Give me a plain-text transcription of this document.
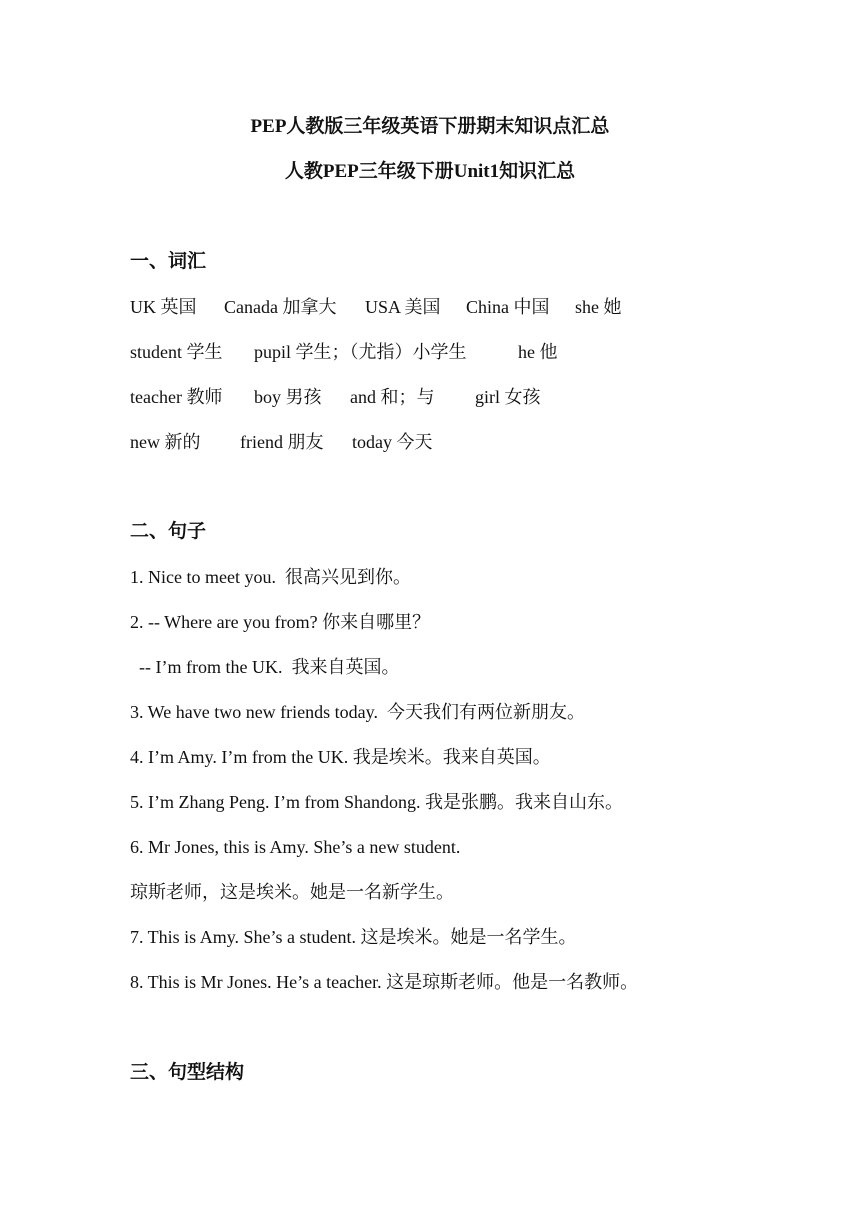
PEP人教版三年级英语下册期末知识点汇总
人教PEP三年级下册Unit1知识汇总
一、词汇
UK 英国 Canada 加拿大 USA 美国 China 中国 she 她
student 学生 pupil 学生；（尤指）小学生	he 他
teacher 教师 boy 男孩 and 和；与 girl 女孩
new 新的 friend 朋友 today 今天
二、句子
1. Nice to meet you.  很高兴见到你。
2. -- Where are you from? 你来自哪里？
-- I’m from the UK.  我来自英国。
3. We have two new friends today.  今天我们有两位新朋友。
4. I’m Amy. I’m from the UK. 我是埃米。我来自英国。
5. I’m Zhang Peng. I’m from Shandong. 我是张鹏。我来自山东。
6. Mr Jones, this is Amy. She’s a new student.
琼斯老师，这是埃米。她是一名新学生。
7. This is Amy. She’s a student. 这是埃米。她是一名学生。
8. This is Mr Jones. He’s a teacher. 这是琼斯老师。他是一名教师。
三、句型结构
